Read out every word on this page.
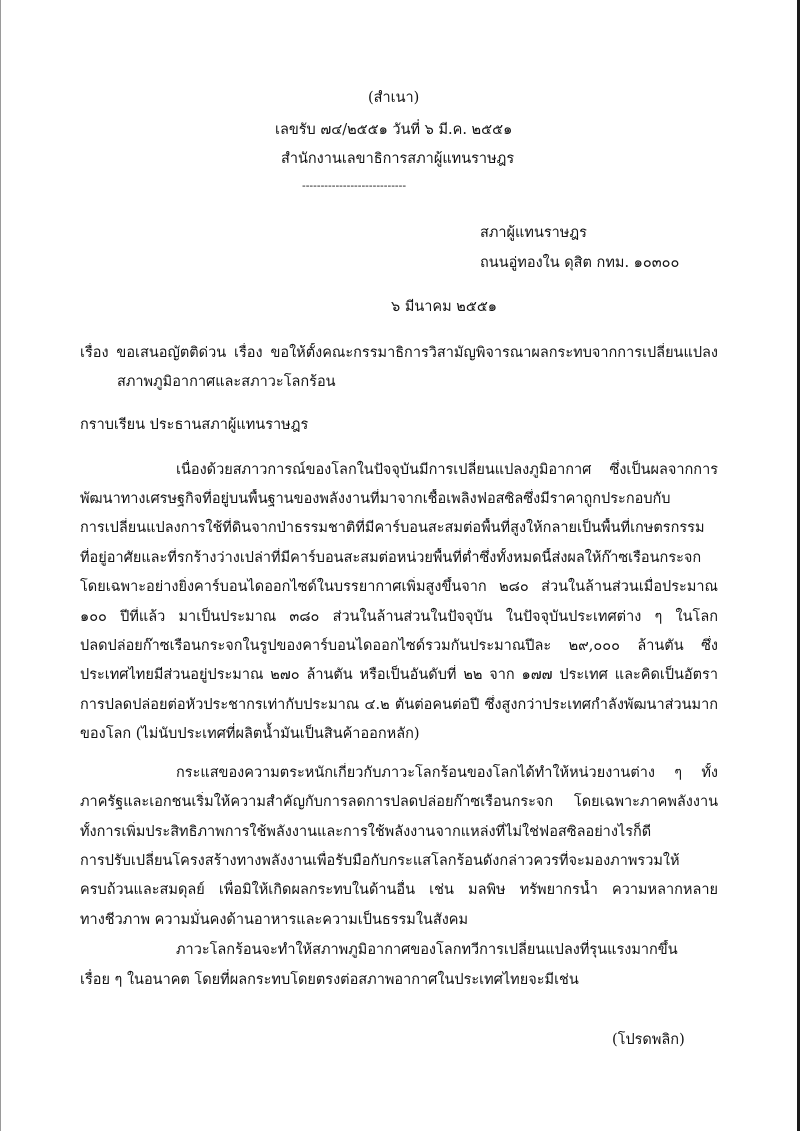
(สำเนา)
เลขรับ ๗๔/๒๕๕๑ วันที่ ๖ มี.ค. ๒๕๕๑
สำนักงานเลขาธิการสภาผู้แทนราษฎร
----------------------------
สภาผู้แทนราษฎร
ถนนอู่ทองใน ดุสิต กทม. ๑๐๓๐๐
๖ มีนาคม ๒๕๕๑
เรื่อง ขอเสนอญัตติด่วน เรื่อง ขอให้ตั้งคณะกรรมาธิการวิสามัญพิจารณาผลกระทบจากการเปลี่ยนแปลง
สภาพภูมิอากาศและสภาวะโลกร้อน
กราบเรียน ประธานสภาผู้แทนราษฎร
เนื่องด้วยสภาวการณ์ของโลกในปัจจุบันมีการเปลี่ยนแปลงภูมิอากาศ ซึ่งเป็นผลจากการ
พัฒนาทางเศรษฐกิจที่อยู่บนพื้นฐานของพลังงานที่มาจากเชื้อเพลิงฟอสซิลซึ่งมีราคาถูกประกอบกับ
การเปลี่ยนแปลงการใช้ที่ดินจากป่าธรรมชาติที่มีคาร์บอนสะสมต่อพื้นที่สูงให้กลายเป็นพื้นที่เกษตรกรรม
ที่อยู่อาศัยและที่รกร้างว่างเปล่าที่มีคาร์บอนสะสมต่อหน่วยพื้นที่ต่ำซึ่งทั้งหมดนี้ส่งผลให้ก๊าซเรือนกระจก
โดยเฉพาะอย่างยิ่งคาร์บอนไดออกไซด์ในบรรยากาศเพิ่มสูงขึ้นจาก ๒๘๐ ส่วนในล้านส่วนเมื่อประมาณ
๑๐๐ ปีที่แล้ว มาเป็นประมาณ ๓๘๐ ส่วนในล้านส่วนในปัจจุบัน ในปัจจุบันประเทศต่าง ๆ ในโลก
ปลดปล่อยก๊าซเรือนกระจกในรูปของคาร์บอนไดออกไซด์รวมกันประมาณปีละ ๒๙,๐๐๐ ล้านตัน ซึ่ง
ประเทศไทยมีส่วนอยู่ประมาณ ๒๗๐ ล้านตัน หรือเป็นอันดับที่ ๒๒ จาก ๑๗๗ ประเทศ และคิดเป็นอัตรา
การปลดปล่อยต่อหัวประชากรเท่ากับประมาณ ๔.๒ ตันต่อคนต่อปี ซึ่งสูงกว่าประเทศกำลังพัฒนาส่วนมาก
ของโลก (ไม่นับประเทศที่ผลิตน้ำมันเป็นสินค้าออกหลัก)
กระแสของความตระหนักเกี่ยวกับภาวะโลกร้อนของโลกได้ทำให้หน่วยงานต่าง ๆ ทั้ง
ภาครัฐและเอกชนเริ่มให้ความสำคัญกับการลดการปลดปล่อยก๊าซเรือนกระจก โดยเฉพาะภาคพลังงาน
ทั้งการเพิ่มประสิทธิภาพการใช้พลังงานและการใช้พลังงานจากแหล่งที่ไม่ใช่ฟอสซิลอย่างไรก็ดี
การปรับเปลี่ยนโครงสร้างทางพลังงานเพื่อรับมือกับกระแสโลกร้อนดังกล่าวควรที่จะมองภาพรวมให้
ครบถ้วนและสมดุลย์ เพื่อมิให้เกิดผลกระทบในด้านอื่น เช่น มลพิษ ทรัพยากรน้ำ ความหลากหลาย
ทางชีวภาพ ความมั่นคงด้านอาหารและความเป็นธรรมในสังคม
ภาวะโลกร้อนจะทำให้สภาพภูมิอากาศของโลกทวีการเปลี่ยนแปลงที่รุนแรงมากขึ้น
เรื่อย ๆ ในอนาคต โดยที่ผลกระทบโดยตรงต่อสภาพอากาศในประเทศไทยจะมีเช่น
(โปรดพลิก)
